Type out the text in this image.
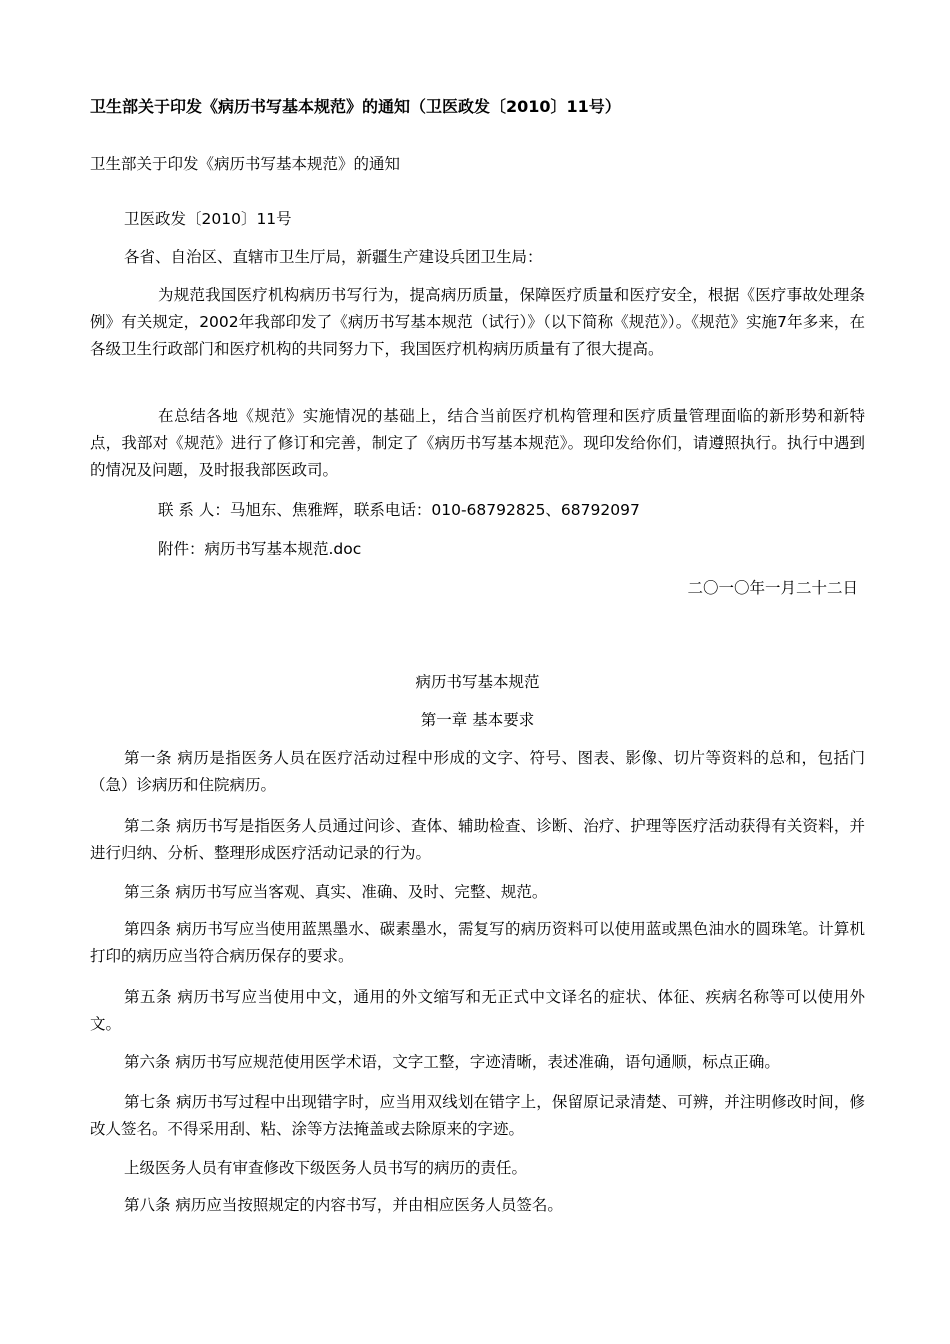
卫生部关于印发《病历书写基本规范》的通知（卫医政发〔2010〕11号）
卫生部关于印发《病历书写基本规范》的通知
卫医政发〔2010〕11号
各省、自治区、直辖市卫生厅局，新疆生产建设兵团卫生局：
为规范我国医疗机构病历书写行为，提高病历质量，保障医疗质量和医疗安全，根据《医疗事故处理条例》有关规定，2002年我部印发了《病历书写基本规范（试行）》（以下简称《规范》）。《规范》实施7年多来，在各级卫生行政部门和医疗机构的共同努力下，我国医疗机构病历质量有了很大提高。
在总结各地《规范》实施情况的基础上，结合当前医疗机构管理和医疗质量管理面临的新形势和新特点，我部对《规范》进行了修订和完善，制定了《病历书写基本规范》。现印发给你们，请遵照执行。执行中遇到的情况及问题，及时报我部医政司。
联 系 人：马旭东、焦雅辉，联系电话：010-68792825、68792097
附件：病历书写基本规范.doc
二〇一〇年一月二十二日
病历书写基本规范
第一章 基本要求
第一条 病历是指医务人员在医疗活动过程中形成的文字、符号、图表、影像、切片等资料的总和，包括门（急）诊病历和住院病历。
第二条 病历书写是指医务人员通过问诊、查体、辅助检查、诊断、治疗、护理等医疗活动获得有关资料，并进行归纳、分析、整理形成医疗活动记录的行为。
第三条 病历书写应当客观、真实、准确、及时、完整、规范。
第四条 病历书写应当使用蓝黑墨水、碳素墨水，需复写的病历资料可以使用蓝或黑色油水的圆珠笔。计算机打印的病历应当符合病历保存的要求。
第五条 病历书写应当使用中文，通用的外文缩写和无正式中文译名的症状、体征、疾病名称等可以使用外文。
第六条 病历书写应规范使用医学术语，文字工整，字迹清晰，表述准确，语句通顺，标点正确。
第七条 病历书写过程中出现错字时，应当用双线划在错字上，保留原记录清楚、可辨，并注明修改时间，修改人签名。不得采用刮、粘、涂等方法掩盖或去除原来的字迹。
上级医务人员有审查修改下级医务人员书写的病历的责任。
第八条 病历应当按照规定的内容书写，并由相应医务人员签名。
